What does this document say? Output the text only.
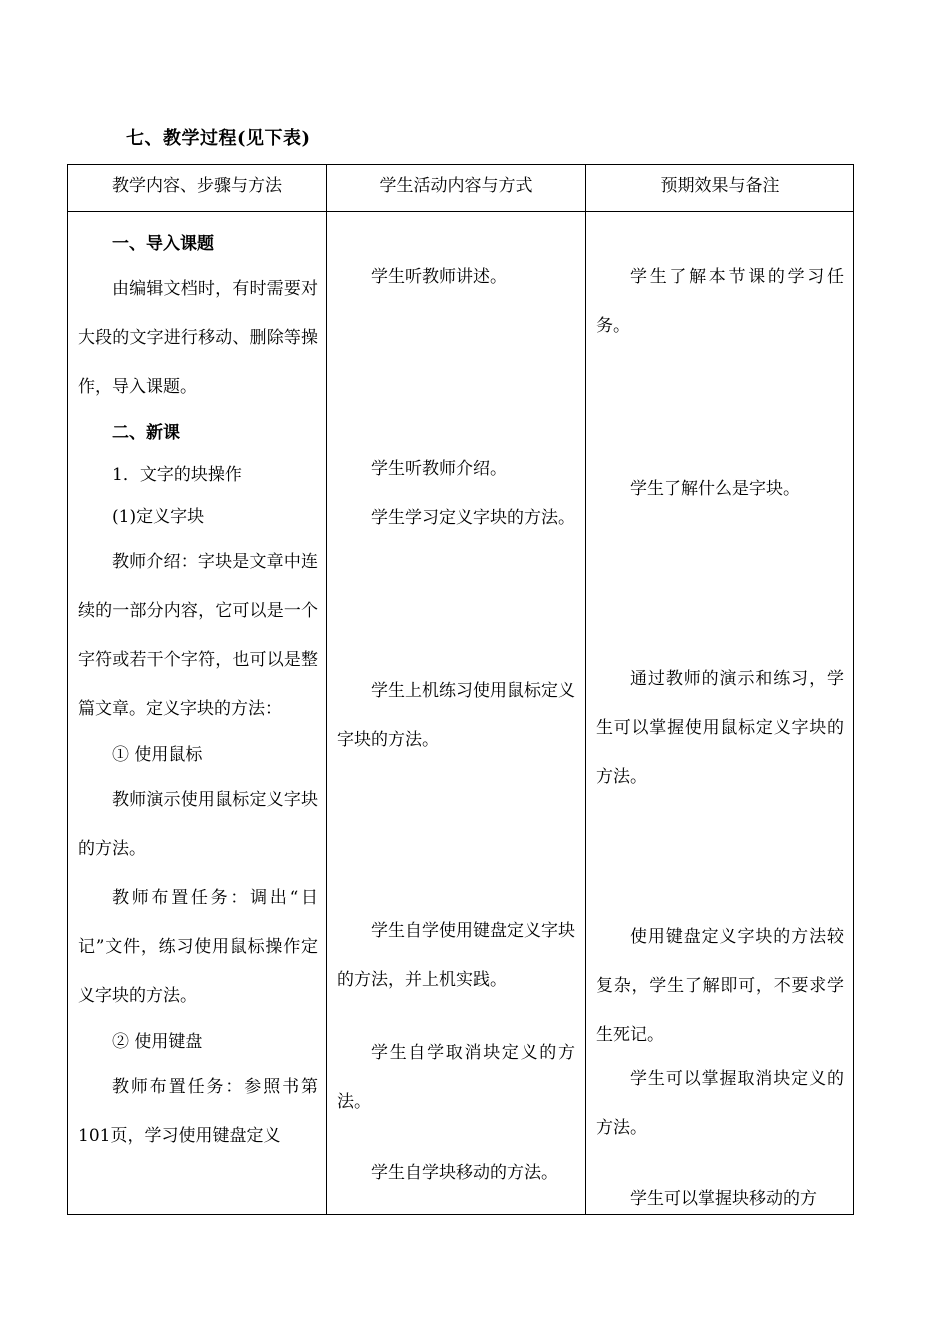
七、教学过程(见下表)
教学内容、步骤与方法	学生活动内容与方式	预期效果与备注

一、导入课题

由编辑文档时，有时需要对大段的文字进行移动、删除等操作，导入课题。

二、新课

1．文字的块操作

(1)定义字块

教师介绍：字块是文章中连续的一部分内容，它可以是一个字符或若干个字符，也可以是整篇文章。定义字块的方法：

① 使用鼠标

教师演示使用鼠标定义字块的方法。

教师布置任务：调出“日记”文件，练习使用鼠标操作定义字块的方法。

② 使用键盘

教师布置任务：参照书第101页，学习使用键盘定义

学生听教师讲述。

学生听教师介绍。

学生学习定义字块的方法。

学生上机练习使用鼠标定义字块的方法。

学生自学使用键盘定义字块的方法，并上机实践。

学生自学取消块定义的方法。

学生自学块移动的方法。

学生了解本节课的学习任务。

学生了解什么是字块。

通过教师的演示和练习，学生可以掌握使用鼠标定义字块的方法。

使用键盘定义字块的方法较复杂，学生了解即可，不要求学生死记。

学生可以掌握取消块定义的方法。

学生可以掌握块移动的方
